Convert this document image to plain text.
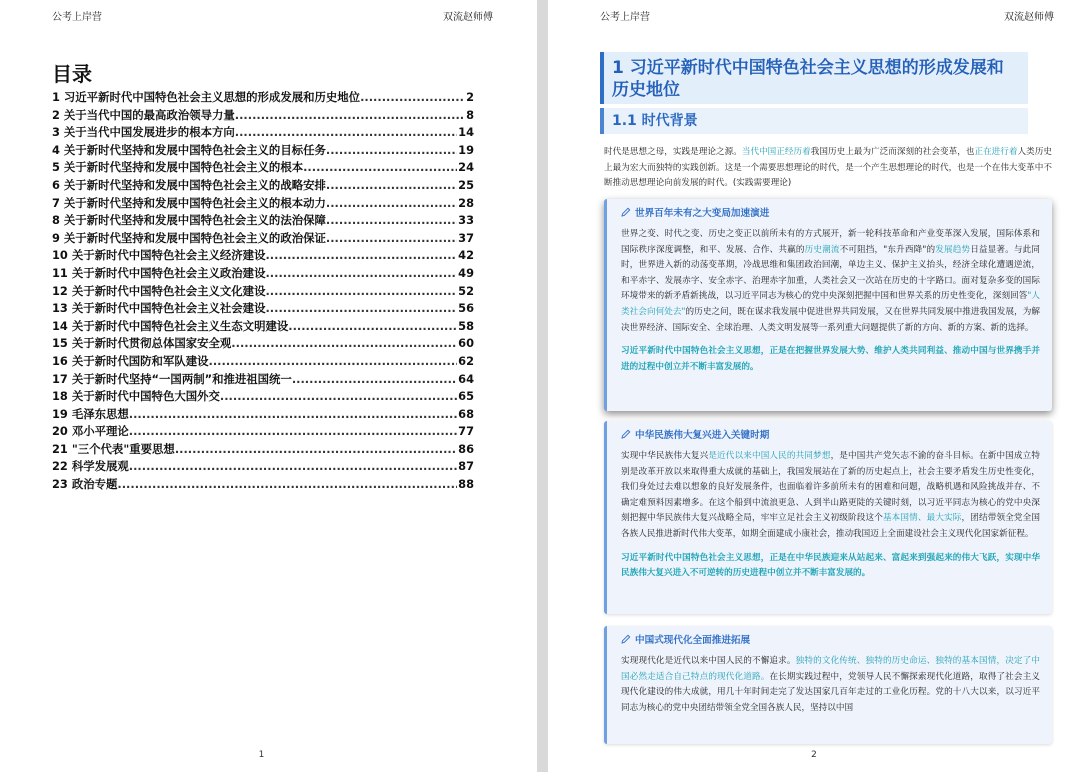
公考上岸营	双流赵师傅
目录
1 习近平新时代中国特色社会主义思想的形成发展和历史地位 .....	2
2 关于当代中国的最高政治领导力量 .....	8
3 关于当代中国发展进步的根本方向 .....	14
4 关于新时代坚持和发展中国特色社会主义的目标任务 .....	19
5 关于新时代坚持和发展中国特色社会主义的根本 .....	24
6 关于新时代坚持和发展中国特色社会主义的战略安排 .....	25
7 关于新时代坚持和发展中国特色社会主义的根本动力 .....	28
8 关于新时代坚持和发展中国特色社会主义的法治保障 .....	33
9 关于新时代坚持和发展中国特色社会主义的政治保证 .....	37
10 关于新时代中国特色社会主义经济建设 .....	42
11 关于新时代中国特色社会主义政治建设 .....	49
12 关于新时代中国特色社会主义文化建设 .....	52
13 关于新时代中国特色社会主义社会建设 .....	56
14 关于新时代中国特色社会主义生态文明建设 .....	58
15 关于新时代贯彻总体国家安全观 .....	60
16 关于新时代国防和军队建设 .....	62
17 关于新时代坚持“一国两制”和推进祖国统一 .....	64
18 关于新时代中国特色大国外交 .....	65
19 毛泽东思想 .....	68
20 邓小平理论 .....	77
21 "三个代表"重要思想 .....	86
22 科学发展观 .....	87
23 政治专题 .....	88
1
公考上岸营	双流赵师傅
1 习近平新时代中国特色社会主义思想的形成发展和历史地位
1.1 时代背景
时代是思想之母，实践是理论之源。当代中国正经历着我国历史上最为广泛而深刻的社会变革，也正在进行着人类历史上最为宏大而独特的实践创新。这是一个需要思想理论的时代，是一个产生思想理论的时代，也是一个在伟大变革中不断推动思想理论向前发展的时代。(实践需要理论)
世界百年未有之大变局加速演进
世界之变、时代之变、历史之变正以前所未有的方式展开，新一轮科技革命和产业变革深入发展，国际体系和国际秩序深度调整，和平、发展、合作、共赢的历史潮流不可阻挡，"东升西降"的发展趋势日益显著。与此同时，世界进入新的动荡变革期，冷战思维和集团政治回潮，单边主义、保护主义抬头，经济全球化遭遇逆流，和平赤字、发展赤字、安全赤字、治理赤字加重，人类社会又一次站在历史的十字路口。面对复杂多变的国际环境带来的新矛盾新挑战，以习近平同志为核心的党中央深刻把握中国和世界关系的历史性变化，深刻回答"人类社会向何处去"的历史之问，既在谋求我发展中促进世界共同发展，又在世界共同发展中推进我国发展，为解决世界经济、国际安全、全球治理、人类文明发展等一系列重大问题提供了新的方向、新的方案、新的选择。
习近平新时代中国特色社会主义思想，正是在把握世界发展大势、维护人类共同利益、推动中国与世界携手并进的过程中创立并不断丰富发展的。
中华民族伟大复兴进入关键时期
实现中华民族伟大复兴是近代以来中国人民的共同梦想，是中国共产党矢志不渝的奋斗目标。在新中国成立特别是改革开放以来取得重大成就的基础上，我国发展站在了新的历史起点上，社会主要矛盾发生历史性变化，我们身处过去难以想象的良好发展条件，也面临着许多前所未有的困难和问题，战略机遇和风险挑战并存、不确定难预料因素增多。在这个船到中流浪更急、人到半山路更陡的关键时刻，以习近平同志为核心的党中央深刻把握中华民族伟大复兴战略全局，牢牢立足社会主义初级阶段这个基本国情、最大实际，团结带领全党全国各族人民推进新时代伟大变革，如期全面建成小康社会，推动我国迈上全面建设社会主义现代化国家新征程。
习近平新时代中国特色社会主义思想，正是在中华民族迎来从站起来、富起来到强起来的伟大飞跃，实现中华民族伟大复兴进入不可逆转的历史进程中创立并不断丰富发展的。
中国式现代化全面推进拓展
实现现代化是近代以来中国人民的不懈追求。独特的文化传统、独特的历史命运、独特的基本国情，决定了中国必然走适合自己特点的现代化道路。在长期实践过程中，党领导人民不懈探索现代化道路，取得了社会主义现代化建设的伟大成就，用几十年时间走完了发达国家几百年走过的工业化历程。党的十八大以来，以习近平同志为核心的党中央团结带领全党全国各族人民，坚持以中国
2
